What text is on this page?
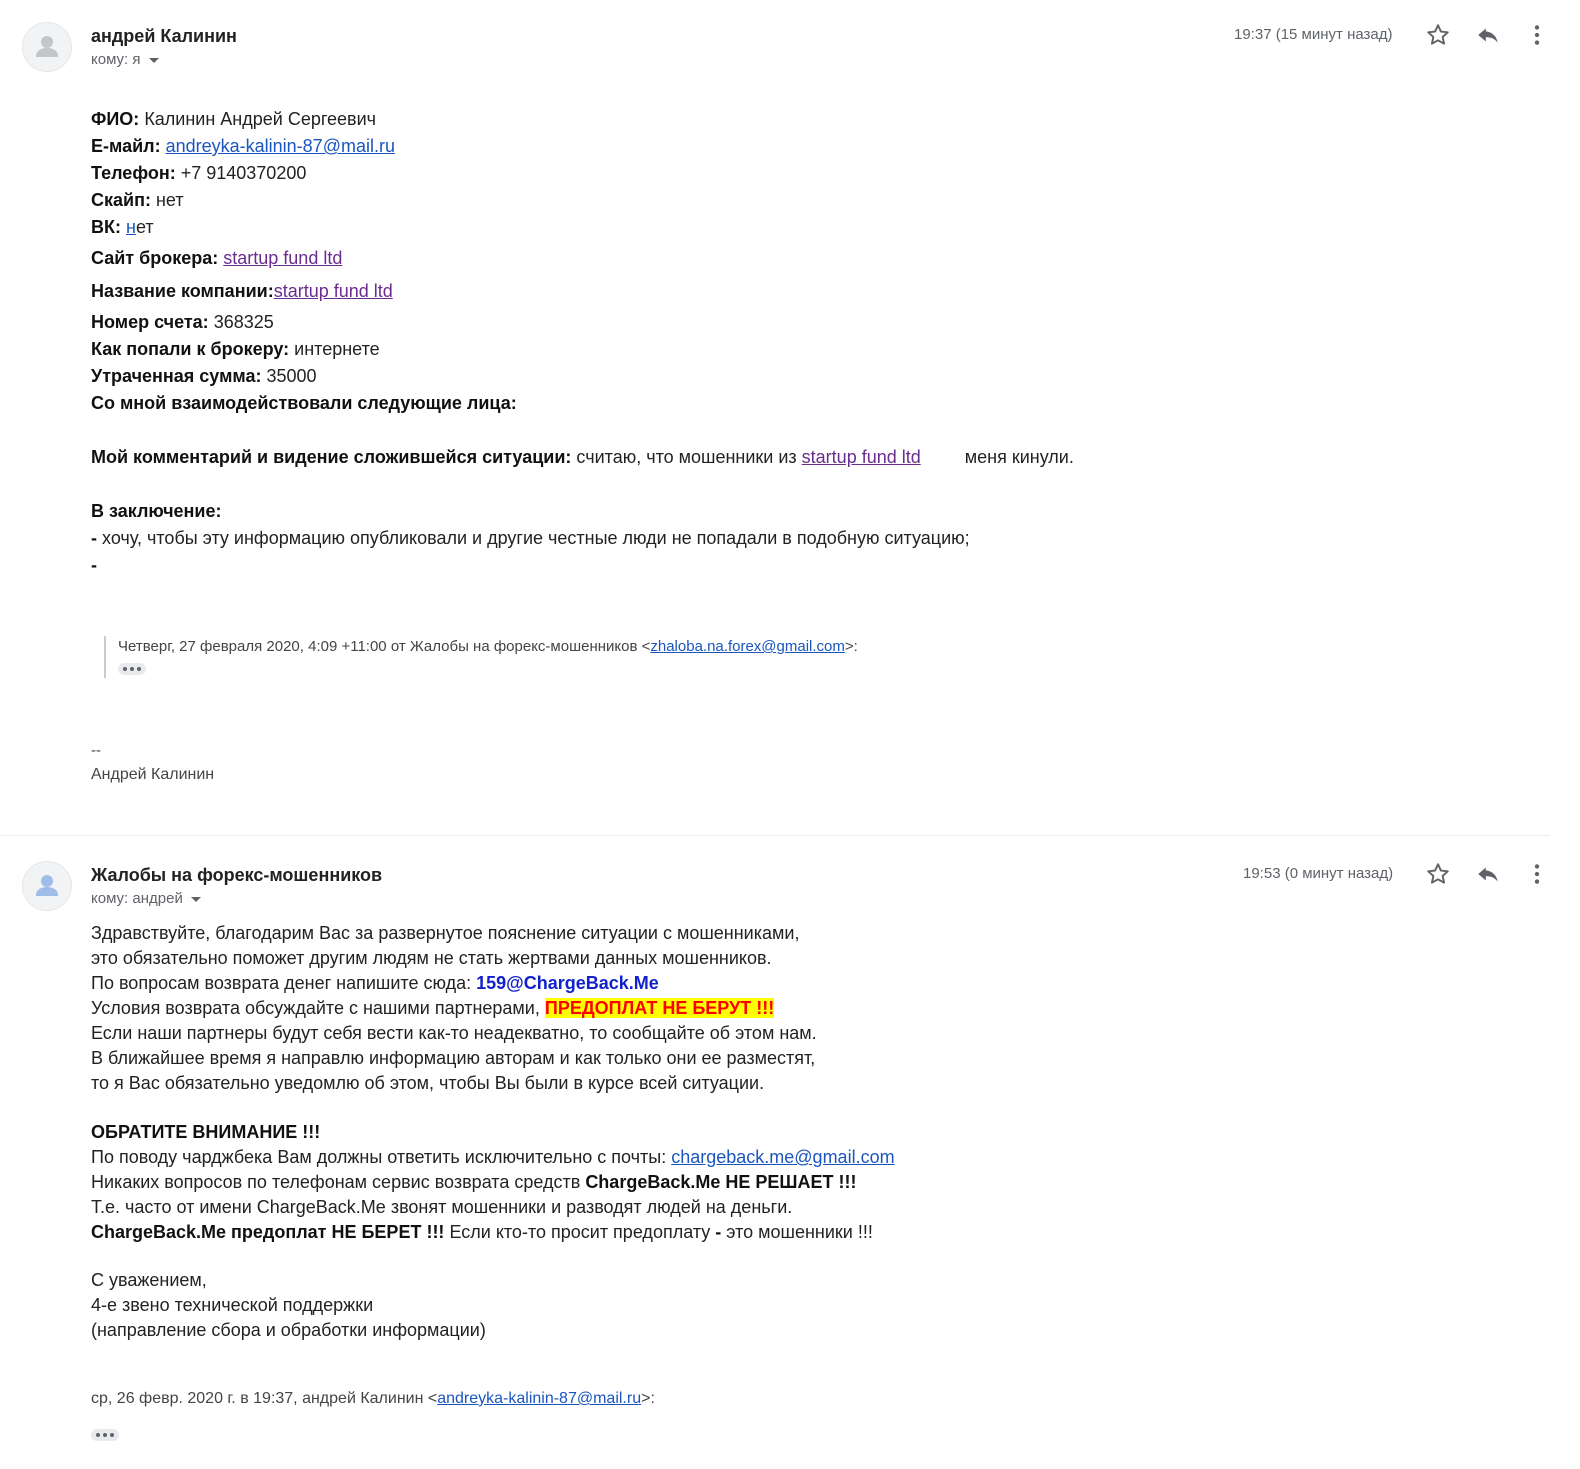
андрей Калинин
кому: я
19:37 (15 минут назад)
ФИО: Калинин Андрей Сергеевич
Е-майл: andreyka-kalinin-87@mail.ru
Телефон: +7 9140370200
Скайп: нет
ВК: нет
Сайт брокера: startup fund ltd
Название компании:startup fund ltd
Номер счета: 368325
Как попали к брокеру: интернете
Утраченная сумма: 35000
Со мной взаимодействовали следующие лица:
Мой комментарий и видение сложившейся ситуации: считаю, что мошенники из startup fund ltd меня кинули.
В заключение:
- хочу, чтобы эту информацию опубликовали и другие честные люди не попадали в подобную ситуацию;
-
Четверг, 27 февраля 2020, 4:09 +11:00 от Жалобы на форекс-мошенников <zhaloba.na.forex@gmail.com>:
--
Андрей Калинин
Жалобы на форекс-мошенников
кому: андрей
19:53 (0 минут назад)
Здравствуйте, благодарим Вас за развернутое пояснение ситуации с мошенниками,
это обязательно поможет другим людям не стать жертвами данных мошенников.
По вопросам возврата денег напишите сюда: 159@ChargeBack.Me
Условия возврата обсуждайте с нашими партнерами, ПРЕДОПЛАТ НЕ БЕРУТ !!!
Если наши партнеры будут себя вести как-то неадекватно, то сообщайте об этом нам.
В ближайшее время я направлю информацию авторам и как только они ее разместят,
то я Вас обязательно уведомлю об этом, чтобы Вы были в курсе всей ситуации.
ОБРАТИТЕ ВНИМАНИЕ !!!
По поводу чарджбека Вам должны ответить исключительно с почты: chargeback.me@gmail.com
Никаких вопросов по телефонам сервис возврата средств ChargeBack.Me НЕ РЕШАЕТ !!!
Т.е. часто от имени ChargeBack.Me звонят мошенники и разводят людей на деньги.
ChargeBack.Me предоплат НЕ БЕРЕТ !!! Если кто-то просит предоплату - это мошенники !!!
С уважением,
4-е звено технической поддержки
(направление сбора и обработки информации)
ср, 26 февр. 2020 г. в 19:37, андрей Калинин <andreyka-kalinin-87@mail.ru>:
